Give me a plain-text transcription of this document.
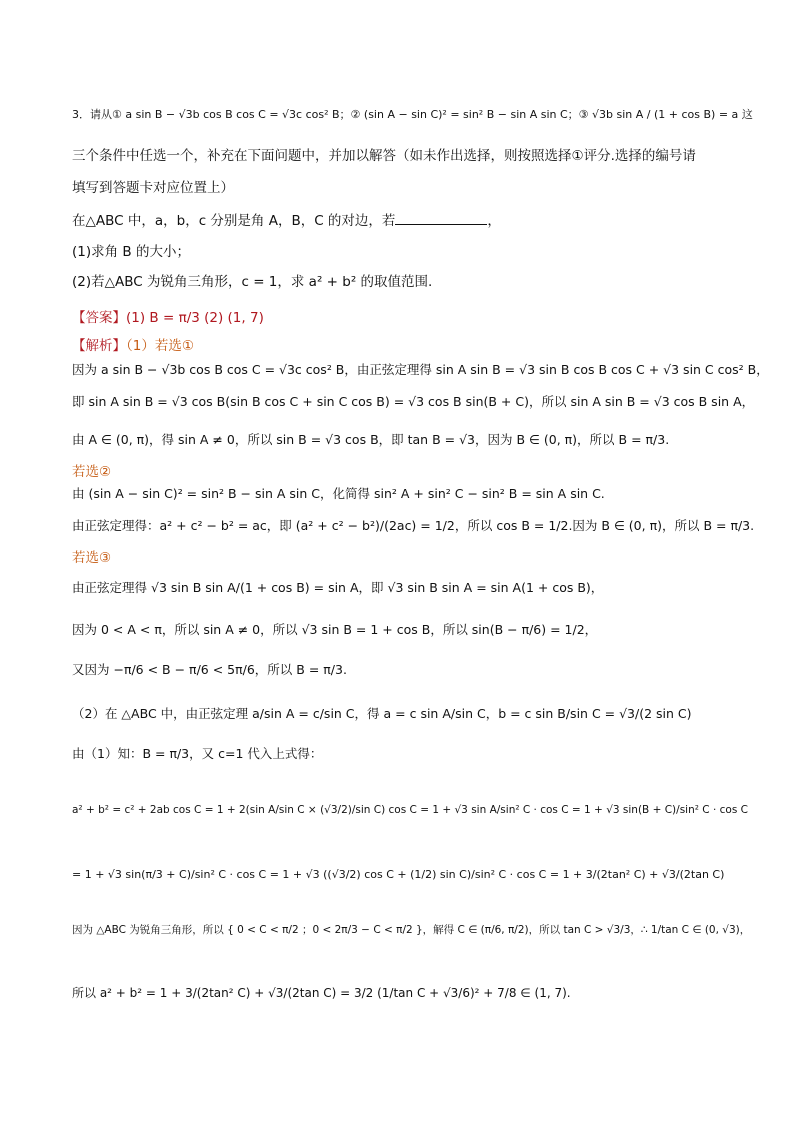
3．请从① a sin B − √3b cos B cos C = √3c cos² B；② (sin A − sin C)² = sin² B − sin A sin C；③ √3b sin A / (1 + cos B) = a 这
三个条件中任选一个，补充在下面问题中，并加以解答（如未作出选择，则按照选择①评分.选择的编号请
填写到答题卡对应位置上）
在△ABC 中，a，b，c 分别是角 A，B，C 的对边，若	，
(1)求角 B 的大小；
(2)若△ABC 为锐角三角形，c = 1，求 a² + b² 的取值范围.
【答案】(1) B = π/3 (2) (1, 7)
【解析】（1）若选①
因为 a sin B − √3b cos B cos C = √3c cos² B，由正弦定理得 sin A sin B = √3 sin B cos B cos C + √3 sin C cos² B，
即 sin A sin B = √3 cos B(sin B cos C + sin C cos B) = √3 cos B sin(B + C)，所以 sin A sin B = √3 cos B sin A，
由 A ∈ (0, π)，得 sin A ≠ 0，所以 sin B = √3 cos B，即 tan B = √3，因为 B ∈ (0, π)，所以 B = π/3.
若选②
由 (sin A − sin C)² = sin² B − sin A sin C，化简得 sin² A + sin² C − sin² B = sin A sin C.
由正弦定理得：a² + c² − b² = ac，即 (a² + c² − b²)/(2ac) = 1/2，所以 cos B = 1/2.因为 B ∈ (0, π)，所以 B = π/3.
若选③
由正弦定理得 √3 sin B sin A/(1 + cos B) = sin A，即 √3 sin B sin A = sin A(1 + cos B)，
因为 0 < A < π，所以 sin A ≠ 0，所以 √3 sin B = 1 + cos B，所以 sin(B − π/6) = 1/2，
又因为 −π/6 < B − π/6 < 5π/6，所以 B = π/3.
（2）在 △ABC 中，由正弦定理 a/sin A = c/sin C，得 a = c sin A/sin C，b = c sin B/sin C = √3/(2 sin C)
由（1）知：B = π/3，又 c=1 代入上式得：
a² + b² = c² + 2ab cos C = 1 + 2(sin A/sin C × (√3/2)/sin C) cos C = 1 + √3 sin A/sin² C · cos C = 1 + √3 sin(B + C)/sin² C · cos C
= 1 + √3 sin(π/3 + C)/sin² C · cos C = 1 + √3 ((√3/2) cos C + (1/2) sin C)/sin² C · cos C = 1 + 3/(2tan² C) + √3/(2tan C)
因为 △ABC 为锐角三角形，所以 { 0 < C < π/2 ；0 < 2π/3 − C < π/2 }，解得 C ∈ (π/6, π/2)，所以 tan C > √3/3，∴ 1/tan C ∈ (0, √3)，
所以 a² + b² = 1 + 3/(2tan² C) + √3/(2tan C) = 3/2 (1/tan C + √3/6)² + 7/8 ∈ (1, 7).
